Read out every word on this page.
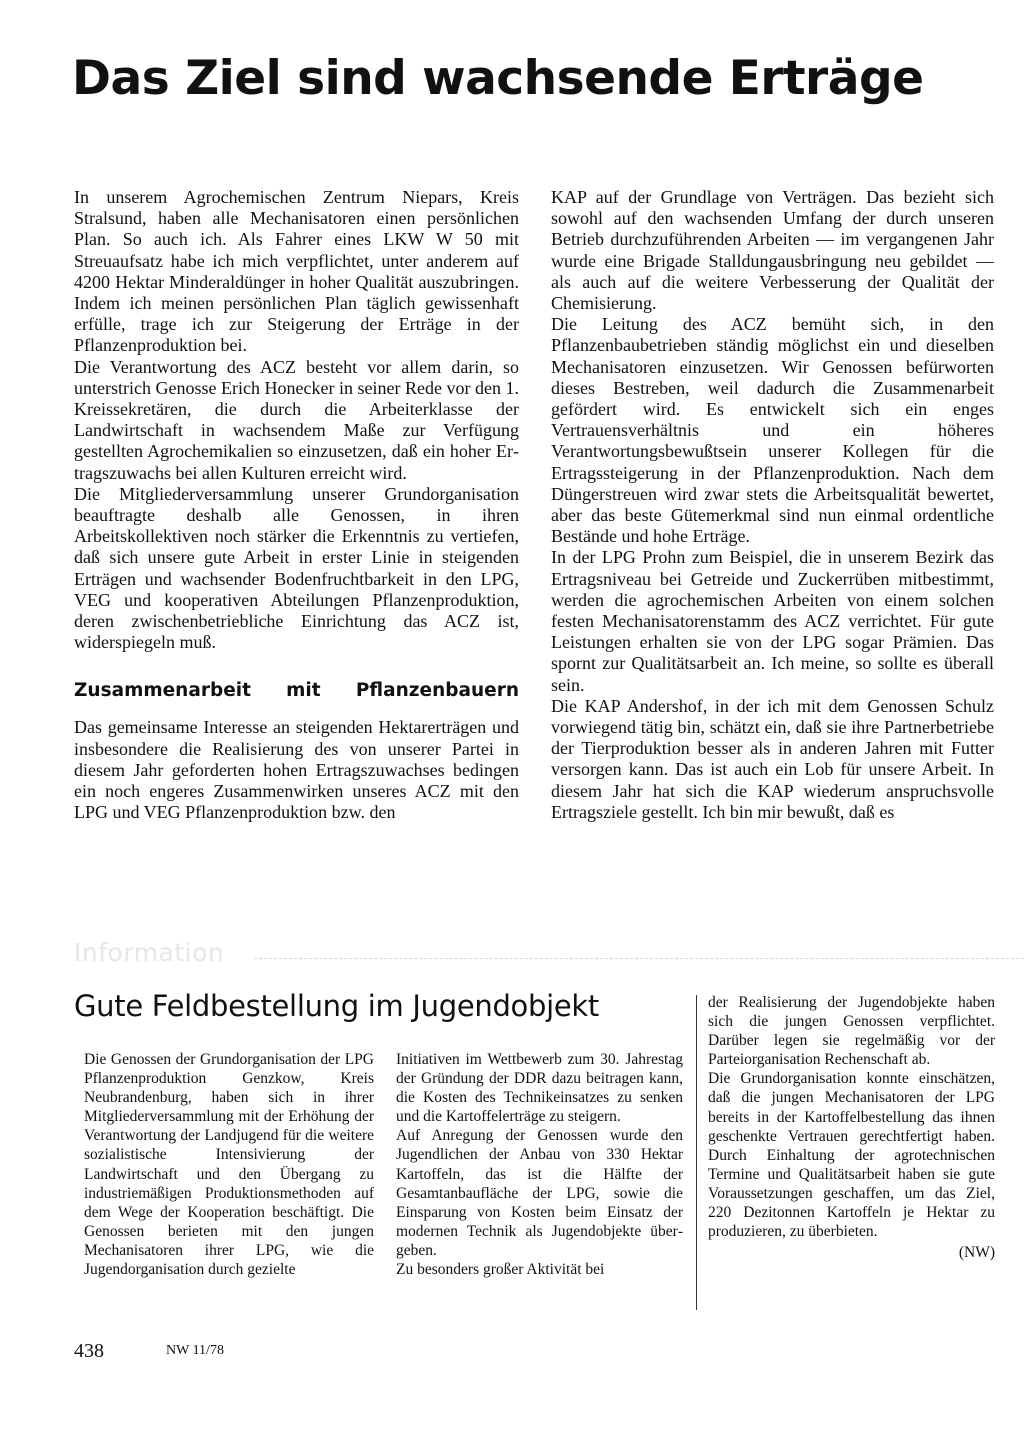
Das Ziel sind wachsende Erträge

In unserem Agrochemischen Zentrum Niepars, Kreis Stralsund, haben alle Mechanisatoren einen persönlichen Plan. So auch ich. Als Fahrer eines LKW W 50 mit Streuaufsatz habe ich mich verpflichtet, unter anderem auf 4200 Hektar Minderaldünger in hoher Qualität auszubringen. Indem ich meinen persönlichen Plan täglich gewissenhaft erfülle, trage ich zur Steigerung der Erträge in der Pflanzenproduktion bei.

Die Verantwortung des ACZ besteht vor allem darin, so unterstrich Genosse Erich Honecker in seiner Rede vor den 1. Kreissekretären, die durch die Arbeiterklasse der Landwirtschaft in wachsendem Maße zur Verfügung gestellten Agrochemikalien so einzusetzen, daß ein hoher Ertragszuwachs bei allen Kulturen erreicht wird.

Die Mitgliederversammlung unserer Grundorganisation beauftragte deshalb alle Genossen, in ihren Arbeitskollektiven noch stärker die Erkenntnis zu vertiefen, daß sich unsere gute Arbeit in erster Linie in steigenden Erträgen und wachsender Bodenfruchtbarkeit in den LPG, VEG und kooperativen Abteilungen Pflanzenproduktion, deren zwischenbetriebliche Einrichtung das ACZ ist, widerspiegeln muß.

Zusammenarbeit mit Pflanzenbauern

Das gemeinsame Interesse an steigenden Hektarerträgen und insbesondere die Realisierung des von unserer Partei in diesem Jahr geforderten hohen Ertragszuwachses bedingen ein noch engeres Zusammenwirken unseres ACZ mit den LPG und VEG Pflanzenproduktion bzw. den

KAP auf der Grundlage von Verträgen. Das bezieht sich sowohl auf den wachsenden Umfang der durch unseren Betrieb durchzuführenden Arbeiten — im vergangenen Jahr wurde eine Brigade Stalldungausbringung neu gebildet — als auch auf die weitere Verbesserung der Qualität der Chemisierung.

Die Leitung des ACZ bemüht sich, in den Pflanzenbaubetrieben ständig möglichst ein und dieselben Mechanisatoren einzusetzen. Wir Genossen befürworten dieses Bestreben, weil dadurch die Zusammenarbeit gefördert wird. Es entwickelt sich ein enges Vertrauensverhältnis und ein höheres Verantwortungsbewußtsein unserer Kollegen für die Ertragssteigerung in der Pflanzenproduktion. Nach dem Düngerstreuen wird zwar stets die Arbeitsqualität bewertet, aber das beste Gütemerkmal sind nun einmal ordentliche Bestände und hohe Erträge.

In der LPG Prohn zum Beispiel, die in unserem Bezirk das Ertragsniveau bei Getreide und Zuckerrüben mitbestimmt, werden die agrochemischen Arbeiten von einem solchen festen Mechanisatorenstamm des ACZ verrichtet. Für gute Leistungen erhalten sie von der LPG sogar Prämien. Das spornt zur Qualitätsarbeit an. Ich meine, so sollte es überall sein.

Die KAP Andershof, in der ich mit dem Genossen Schulz vorwiegend tätig bin, schätzt ein, daß sie ihre Partnerbetriebe der Tierproduktion besser als in anderen Jahren mit Futter versorgen kann. Das ist auch ein Lob für unsere Arbeit. In diesem Jahr hat sich die KAP wiederum anspruchsvolle Ertragsziele gestellt. Ich bin mir bewußt, daß es

Information
Gute Feldbestellung im Jugendobjekt

Die Genossen der Grundorganisation der LPG Pflanzenproduktion Genzkow, Kreis Neubrandenburg, haben sich in ihrer Mitgliederversammlung mit der Erhöhung der Verantwortung der Landjugend für die weitere sozialistische Intensivierung der Landwirtschaft und den Übergang zu industriemäßigen Produktionsmethoden auf dem Wege der Kooperation beschäftigt. Die Genossen berieten mit den jungen Mechanisatoren ihrer LPG, wie die Jugendorganisation durch gezielte

Initiativen im Wettbewerb zum 30. Jahrestag der Gründung der DDR dazu beitragen kann, die Kosten des Technikeinsatzes zu senken und die Kartoffelerträge zu steigern.

Auf Anregung der Genossen wurde den Jugendlichen der Anbau von 330 Hektar Kartoffeln, das ist die Hälfte der Gesamtanbaufläche der LPG, sowie die Einsparung von Kosten beim Einsatz der modernen Technik als Jugendobjekte übergeben.

Zu besonders großer Aktivität bei

der Realisierung der Jugendobjekte haben sich die jungen Genossen verpflichtet. Darüber legen sie regelmäßig vor der Parteiorganisation Rechenschaft ab.

Die Grundorganisation konnte einschätzen, daß die jungen Mechanisatoren der LPG bereits in der Kartoffelbestellung das ihnen geschenkte Vertrauen gerechtfertigt haben. Durch Einhaltung der agrotechnischen Termine und Qualitätsarbeit haben sie gute Voraussetzungen geschaffen, um das Ziel, 220 Dezitonnen Kartoffeln je Hektar zu produzieren, zu überbieten.

(NW)

438	NW 11/78
